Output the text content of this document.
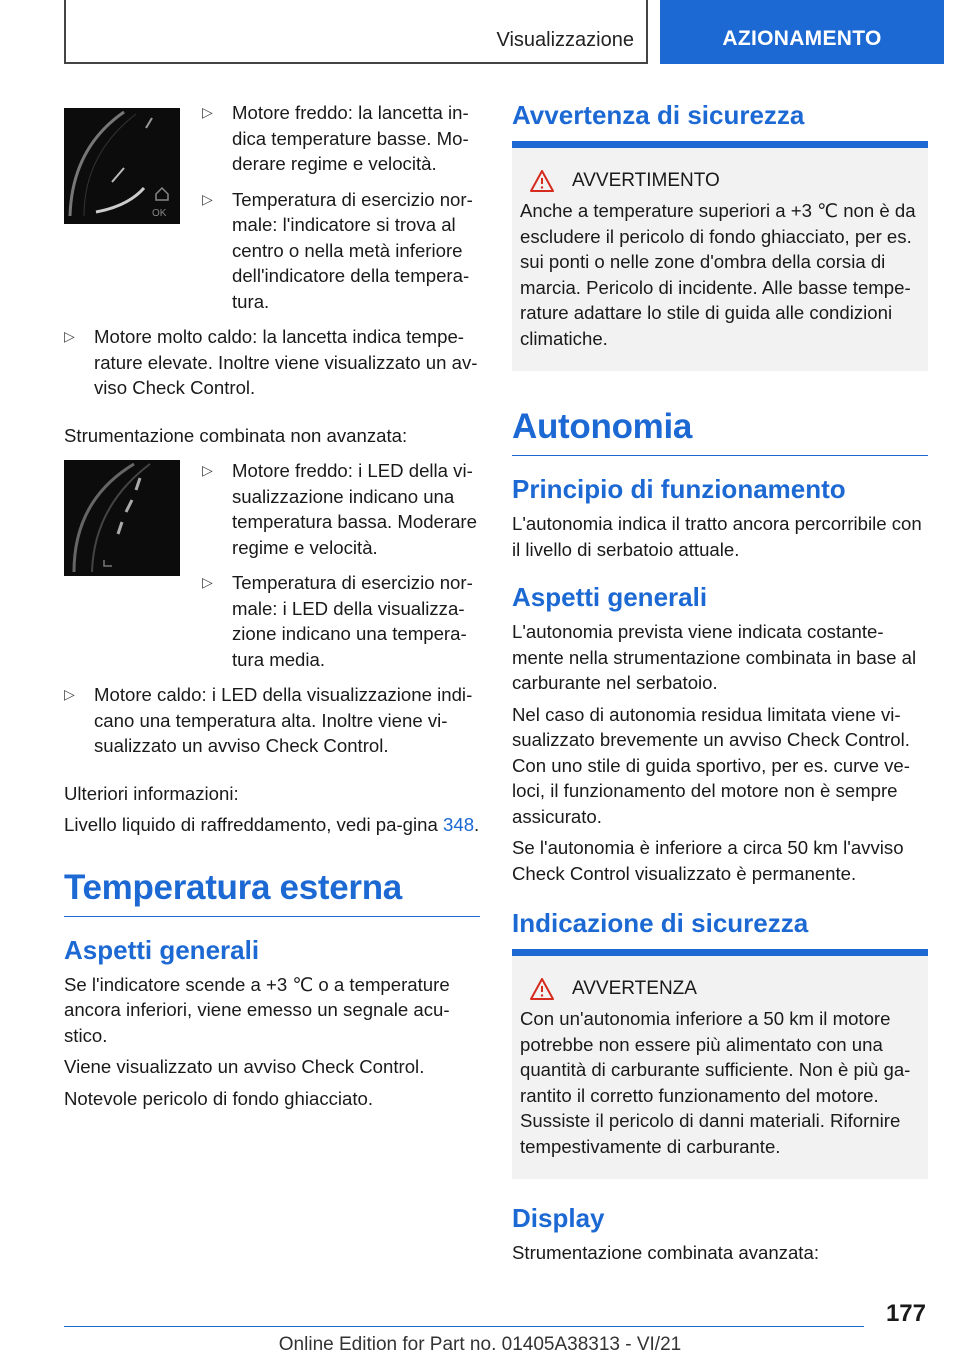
Visualizzazione	AZIONAMENTO
OK
▷ Motore freddo: la lancetta in-dica temperature basse. Mo-derare regime e velocità.
▷ Temperatura di esercizio nor-male: l'indicatore si trova al centro o nella metà inferiore dell'indicatore della tempera-tura.
▷ Motore molto caldo: la lancetta indica tempe-rature elevate. Inoltre viene visualizzato un av-viso Check Control.

Strumentazione combinata non avanzata:

▷ Motore freddo: i LED della vi-sualizzazione indicano una temperatura bassa. Moderare regime e velocità.
▷ Temperatura di esercizio nor-male: i LED della visualizza-zione indicano una tempera-tura media.
▷ Motore caldo: i LED della visualizzazione indi-cano una temperatura alta. Inoltre viene vi-sualizzato un avviso Check Control.

Ulteriori informazioni:

Livello liquido di raffreddamento, vedi pa-gina 348.

Temperatura esterna
Aspetti generali

Se l'indicatore scende a +3 ℃ o a temperature ancora inferiori, viene emesso un segnale acu-stico.

Viene visualizzato un avviso Check Control.

Notevole pericolo di fondo ghiacciato.

Avvertenza di sicurezza
AVVERTIMENTO

Anche a temperature superiori a +3 ℃ non è da escludere il pericolo di fondo ghiacciato, per es. sui ponti o nelle zone d'ombra della corsia di marcia. Pericolo di incidente. Alle basse tempe-rature adattare lo stile di guida alle condizioni climatiche.

Autonomia
Principio di funzionamento

L'autonomia indica il tratto ancora percorribile con il livello di serbatoio attuale.

Aspetti generali

L'autonomia prevista viene indicata costante-mente nella strumentazione combinata in base al carburante nel serbatoio.

Nel caso di autonomia residua limitata viene vi-sualizzato brevemente un avviso Check Control. Con uno stile di guida sportivo, per es. curve ve-loci, il funzionamento del motore non è sempre assicurato.

Se l'autonomia è inferiore a circa 50 km l'avviso Check Control visualizzato è permanente.

Indicazione di sicurezza
AVVERTENZA

Con un'autonomia inferiore a 50 km il motore potrebbe non essere più alimentato con una quantità di carburante sufficiente. Non è più ga-rantito il corretto funzionamento del motore. Sussiste il pericolo di danni materiali. Rifornire tempestivamente di carburante.

Display

Strumentazione combinata avanzata:

177
Online Edition for Part no. 01405A38313 - VI/21
